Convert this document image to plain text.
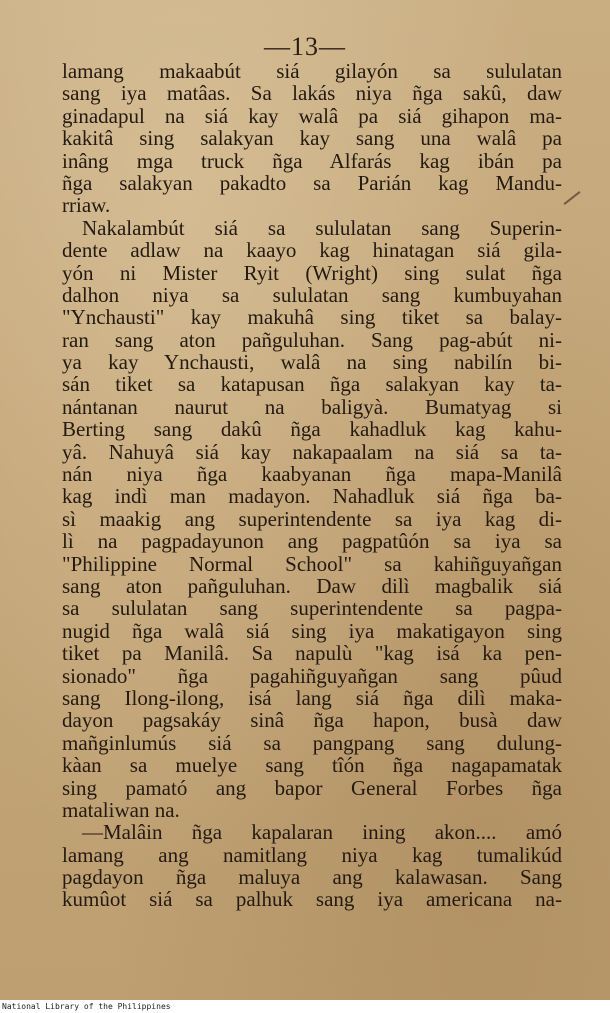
—13—
lamang makaabút siá gilayón sa sululatan
sang iya matâas. Sa lakás niya ñga sakû, daw
ginadapul na siá kay walâ pa siá gihapon ma-
kakitâ sing salakyan kay sang una walâ pa
inâng mga truck ñga Alfarás kag ibán pa
ñga salakyan pakadto sa Parián kag Mandu-
rriaw.
Nakalambút siá sa sululatan sang Superin-
dente adlaw na kaayo kag hinatagan siá gila-
yón ni Mister Ryit (Wright) sing sulat ñga
dalhon niya sa sululatan sang kumbuyahan
"Ynchausti" kay makuhâ sing tiket sa balay-
ran sang aton pañguluhan. Sang pag-abút ni-
ya kay Ynchausti, walâ na sing nabilín bi-
sán tiket sa katapusan ñga salakyan kay ta-
nántanan naurut na baligyà. Bumatyag si
Berting sang dakû ñga kahadluk kag kahu-
yâ. Nahuyâ siá kay nakapaalam na siá sa ta-
nán niya ñga kaabyanan ñga mapa-Manilâ
kag indì man madayon. Nahadluk siá ñga ba-
sì maakig ang superintendente sa iya kag di-
lì na pagpadayunon ang pagpatûón sa iya sa
"Philippine Normal School" sa kahiñguyañgan
sang aton pañguluhan. Daw dilì magbalik siá
sa sululatan sang superintendente sa pagpa-
nugid ñga walâ siá sing iya makatigayon sing
tiket pa Manilâ. Sa napulù "kag isá ka pen-
sionado" ñga pagahiñguyañgan sang pûud
sang Ilong-ilong, isá lang siá ñga dilì maka-
dayon pagsakáy sinâ ñga hapon, busà daw
mañginlumús siá sa pangpang sang dulung-
kàan sa muelye sang tîón ñga nagapamatak
sing pamató ang bapor General Forbes ñga
mataliwan na.
—Malâin ñga kapalaran ining akon.... amó
lamang ang namitlang niya kag tumalikúd
pagdayon ñga maluya ang kalawasan. Sang
kumûot siá sa palhuk sang iya americana na-
National Library of the Philippines
